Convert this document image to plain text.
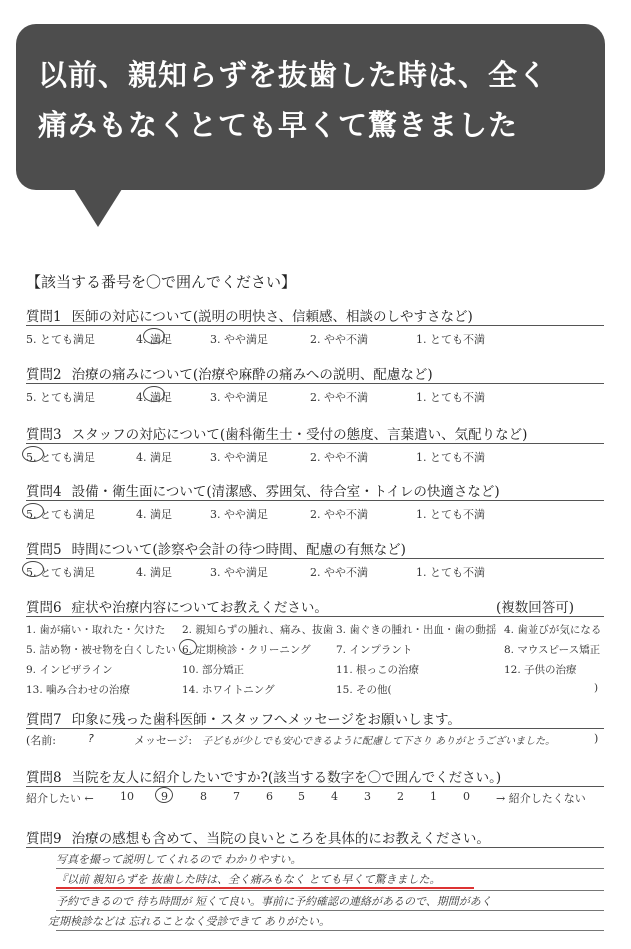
以前、親知らずを抜歯した時は、全く
痛みもなくとても早くて驚きました
【該当する番号を〇で囲んでください】
質問1 医師の対応について(説明の明快さ、信頼感、相談のしやすさなど)
5. とても満足	4. 満足	3. やや満足	2. やや不満	1. とても不満
質問2 治療の痛みについて(治療や麻酔の痛みへの説明、配慮など)
5. とても満足	4. 満足	3. やや満足	2. やや不満	1. とても不満
質問3 スタッフの対応について(歯科衛生士・受付の態度、言葉遣い、気配りなど)
5. とても満足	4. 満足	3. やや満足	2. やや不満	1. とても不満
質問4 設備・衛生面について(清潔感、雰囲気、待合室・トイレの快適さなど)
5. とても満足	4. 満足	3. やや満足	2. やや不満	1. とても不満
質問5 時間について(診察や会計の待つ時間、配慮の有無など)
5. とても満足	4. 満足	3. やや満足	2. やや不満	1. とても不満
質問6 症状や治療内容についてお教えください。	(複数回答可)
1. 歯が痛い・取れた・欠けた 2. 親知らずの腫れ、痛み、抜歯 3. 歯ぐきの腫れ・出血・歯の動揺 4. 歯並びが気になる
5. 詰め物・被せ物を白くしたい 6. 定期検診・クリーニング 7. インプラント	8. マウスピース矯正
9. インビザライン	10. 部分矯正	11. 根っこの治療	12. 子供の治療
13. 噛み合わせの治療	14. ホワイトニング	15. その他(	)
質問7 印象に残った歯科医師・スタッフへメッセージをお願いします。
(名前:	?	メッセージ: 子どもが少しでも安心できるように配慮して下さり ありがとうございました。	)
質問8 当院を友人に紹介したいですか?(該当する数字を〇で囲んでください。)
紹介したい ← 10 9	8 7 6 5 4 3 2 1 0 → 紹介したくない
質問9 治療の感想も含めて、当院の良いところを具体的にお教えください。
写真を撮って説明してくれるので わかりやすい。
『以前 親知らずを 抜歯した時は、全く痛みもなく とても早くて驚きました。
予約できるので 待ち時間が 短くて良い。事前に予約確認の連絡があるので、期間があく
定期検診などは 忘れることなく受診できて ありがたい。
